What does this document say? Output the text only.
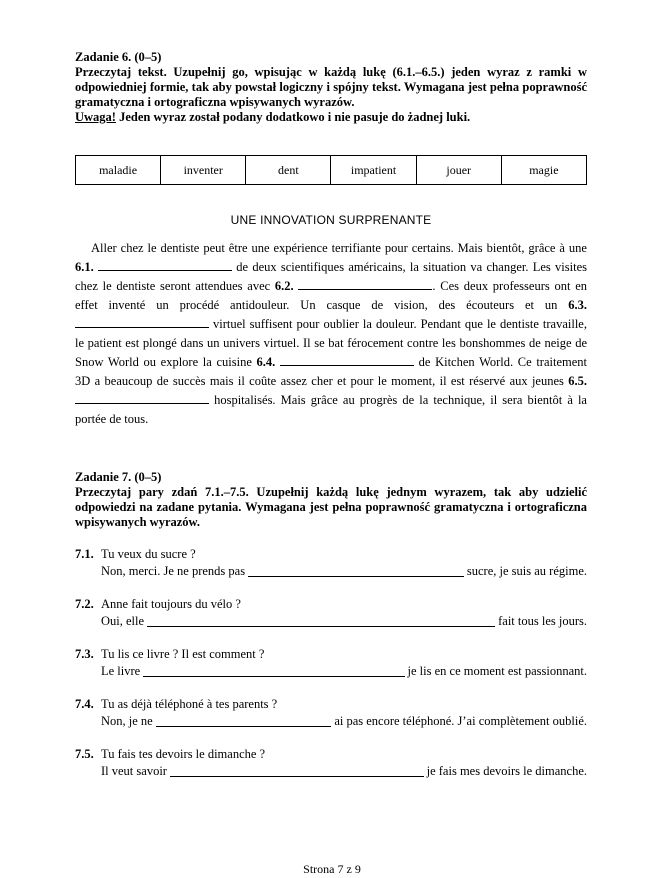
Zadanie 6. (0–5)
Przeczytaj tekst. Uzupełnij go, wpisując w każdą lukę (6.1.–6.5.) jeden wyraz z ramki w odpowiedniej formie, tak aby powstał logiczny i spójny tekst. Wymagana jest pełna poprawność gramatyczna i ortograficzna wpisywanych wyrazów.
Uwaga! Jeden wyraz został podany dodatkowo i nie pasuje do żadnej luki.
maladie	inventer	dent	impatient	jouer	magie
UNE INNOVATION SURPRENANTE

Aller chez le dentiste peut être une expérience terrifiante pour certains. Mais bientôt, grâce à une 6.1.	de deux scientifiques américains, la situation va changer. Les visites chez le dentiste seront attendues avec 6.2.	. Ces deux professeurs ont en effet inventé un procédé antidouleur. Un casque de vision, des écouteurs et un 6.3.  virtuel suffisent pour oublier la douleur. Pendant que le dentiste travaille, le patient est plongé dans un univers virtuel. Il se bat férocement contre les bonshommes de neige de Snow World ou explore la cuisine 6.4.	de Kitchen World. Ce traitement 3D a beaucoup de succès mais il coûte assez cher et pour le moment, il est réservé aux jeunes 6.5.  hospitalisés. Mais grâce au progrès de la technique, il sera bientôt à la portée de tous.

Zadanie 7. (0–5)
Przeczytaj pary zdań 7.1.–7.5. Uzupełnij każdą lukę jednym wyrazem, tak aby udzielić odpowiedzi na zadane pytania. Wymagana jest pełna poprawność gramatyczna i ortograficzna wpisywanych wyrazów.
7.1. Tu veux du sucre ?
Non, merci. Je ne prends pas	sucre, je suis au régime.
7.2. Anne fait toujours du vélo ?
Oui, elle	fait tous les jours.
7.3. Tu lis ce livre ? Il est comment ?
Le livre	je lis en ce moment est passionnant.
7.4. Tu as déjà téléphoné à tes parents ?
Non, je ne	ai pas encore téléphoné. J’ai complètement oublié.
7.5. Tu fais tes devoirs le dimanche ?
Il veut savoir	je fais mes devoirs le dimanche.
Strona 7 z 9
